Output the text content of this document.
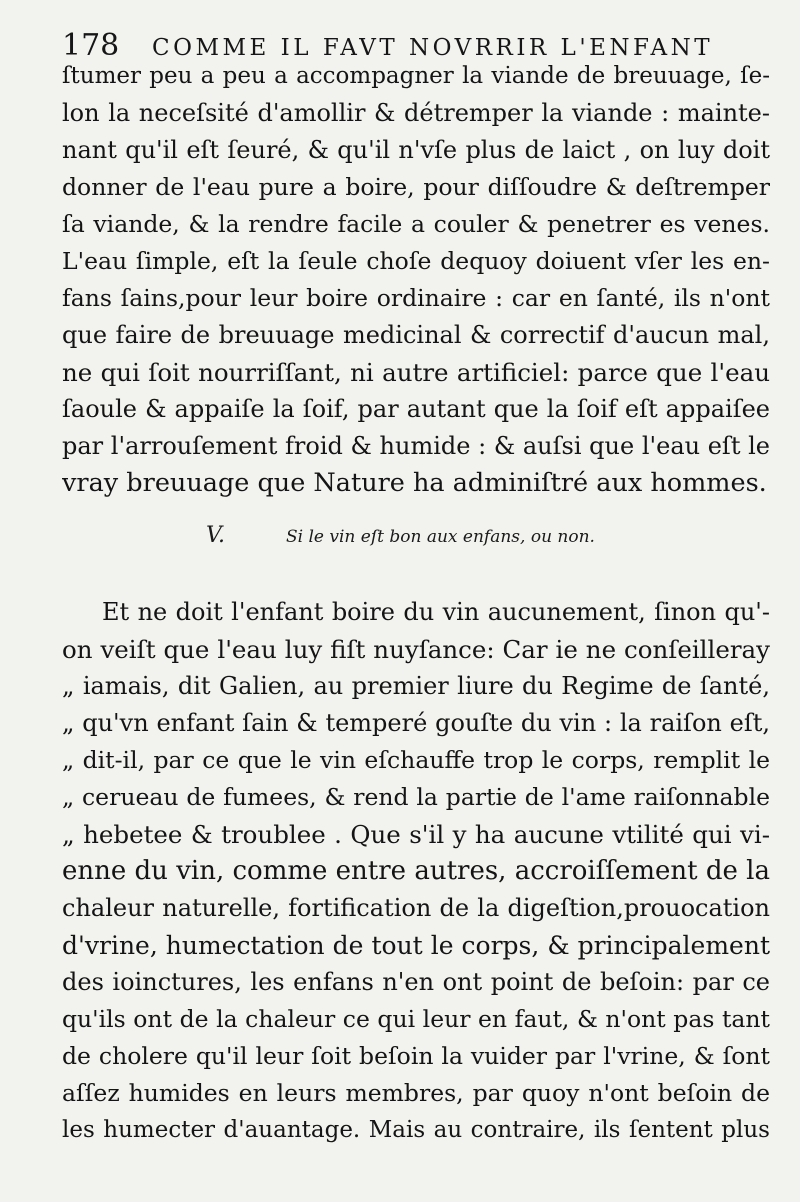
178 COMME IL FAVT NOVRRIR L'ENFANT
ſtumer peu a peu a accompagner la viande de breuuage, ſe-
lon la neceſsité d'amollir & détremper la viande : mainte-
nant qu'il eſt ſeuré, & qu'il n'vſe plus de laict , on luy doit
donner de l'eau pure a boire, pour diſſoudre & deſtremper
ſa viande, & la rendre facile a couler & penetrer es venes.
L'eau ſimple, eſt la ſeule choſe dequoy doiuent vſer les en-
fans ſains,pour leur boire ordinaire : car en ſanté, ils n'ont
que faire de breuuage medicinal & correctif d'aucun mal,
ne qui ſoit nourriſſant, ni autre artificiel: parce que l'eau
ſaoule & appaiſe la ſoif, par autant que la ſoif eſt appaiſee
par l'arrouſement froid & humide : & auſsi que l'eau eſt le
vray breuuage que Nature ha adminiſtré aux hommes.
V.	Si le vin eſt bon aux enfans, ou non.
Et ne doit l'enfant boire du vin aucunement, ſinon qu'-
on veiſt que l'eau luy fiſt nuyſance: Car ie ne conſeilleray
„ iamais, dit Galien, au premier liure du Regime de ſanté,
„ qu'vn enfant ſain & temperé gouſte du vin : la raiſon eſt,
„ dit-il, par ce que le vin eſchauffe trop le corps, remplit le
„ cerueau de fumees, & rend la partie de l'ame raiſonnable
„ hebetee & troublee . Que s'il y ha aucune vtilité qui vi-
enne du vin, comme entre autres, accroiſſement de la
chaleur naturelle, fortification de la digeſtion,prouocation
d'vrine, humectation de tout le corps, & principalement
des ioinctures, les enfans n'en ont point de beſoin: par ce
qu'ils ont de la chaleur ce qui leur en faut, & n'ont pas tant
de cholere qu'il leur ſoit beſoin la vuider par l'vrine, & ſont
aſſez humides en leurs membres, par quoy n'ont beſoin de
les humecter d'auantage. Mais au contraire, ils ſentent plus
